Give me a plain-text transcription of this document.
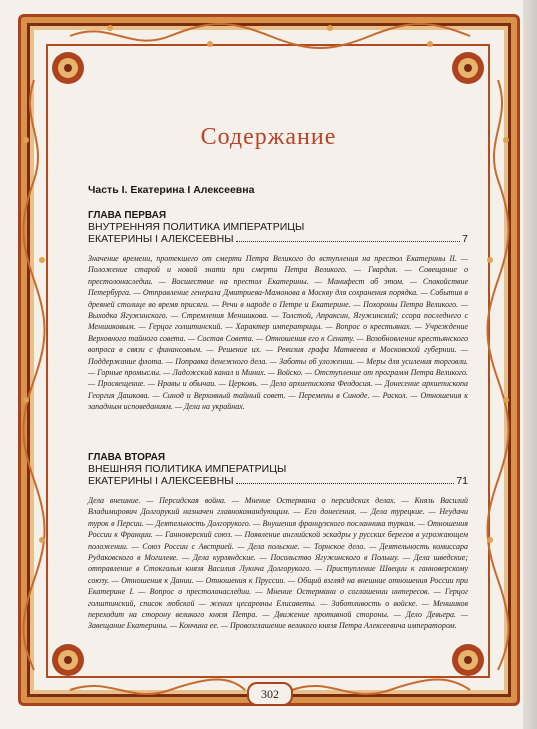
Содержание
Часть I. Екатерина I Алексеевна

ГЛАВА ПЕРВАЯ

ВНУТРЕННЯЯ ПОЛИТИКА ИМПЕРАТРИЦЫ

ЕКАТЕРИНЫ I АЛЕКСЕЕВНЫ	7

Значение времени, протекшего от смерти Петра Великого до вступления на престол Екатерины II. — Положение старой и новой знати при смерти Петра Великого. — Гвардия. — Совещание о престолонаследии. — Восшествие на престол Екатерины. — Манифест об этом. — Спокойствие Петербурга. — Отправление генерала Дмитриева-Мамонова в Москву для сохранения порядка. — События в древней столице во время присяги. — Речи в народе о Петре и Екатерине. — Похороны Петра Великого. — Выходка Ягужинского. — Стремления Меншикова. — Толстой, Апраксин, Ягужинский; ссора последнего с Меншиковым. — Герцог голштинский. — Характер императрицы. — Вопрос о крестьянах. — Учреждение Верховного тайного совета. — Состав Совета. — Отношения его к Сенату. — Возобновление крестьянского вопроса в связи с финансовым. — Решение их. — Ревизия графа Матвеева в Московской губернии. — Поддержание флота. — Поправка денежного дела. — Заботы об уложении. — Меры для усиления торговли. — Горные промыслы. — Ладожский канал и Миних. — Войско. — Отступление от программ Петра Великого. — Просвещение. — Нравы и обычаи. — Церковь. — Дело архиепископа Феодосия. — Донесение архиепископа Георгия Дашкова. — Синод и Верховный тайный совет. — Перемены в Синоде. — Раскол. — Отношения к западным исповеданиям. — Дела на украйнах.

ГЛАВА ВТОРАЯ

ВНЕШНЯЯ ПОЛИТИКА ИМПЕРАТРИЦЫ

ЕКАТЕРИНЫ I АЛЕКСЕЕВНЫ	71

Дела внешние. — Персидская война. — Мнение Остермана о персидских делах. — Князь Василий Владимирович Долгорукий назначен главнокомандующим. — Его донесения. — Дела турецкие. — Неудачи турок в Персии. — Деятельность Долгорукого. — Внушения французского посланника туркам. — Отношения России к Франции. — Ганноверский союз. — Появление английской эскадры у русских берегов в угрожающем положении. — Союз России с Австрией. — Дела польские. — Торнское дело. — Деятельность комиссара Рудаковского в Могилеве. — Дела курляндские. — Посольство Ягужинского в Польшу. — Дела шведские; отправление в Стокгольм князя Василия Лукича Долгорукого. — Приступление Швеции к ганноверскому союзу. — Отношения к Дании. — Отношения к Пруссии. — Общий взгляд на внешние отношения России при Екатерине I. — Вопрос о престолонаследии. — Мнение Остермана о соглашении интересов. — Герцог голштинский, список любской — жених цесаревны Елисаветы. — Заботливость о войске. — Меншиков переходит на сторону великого князя Петра. — Движение противной стороны. — Дело Девьера. — Завещание Екатерины. — Кончина ее. — Провозглашение великого князя Петра Алексеевича императором.

302
